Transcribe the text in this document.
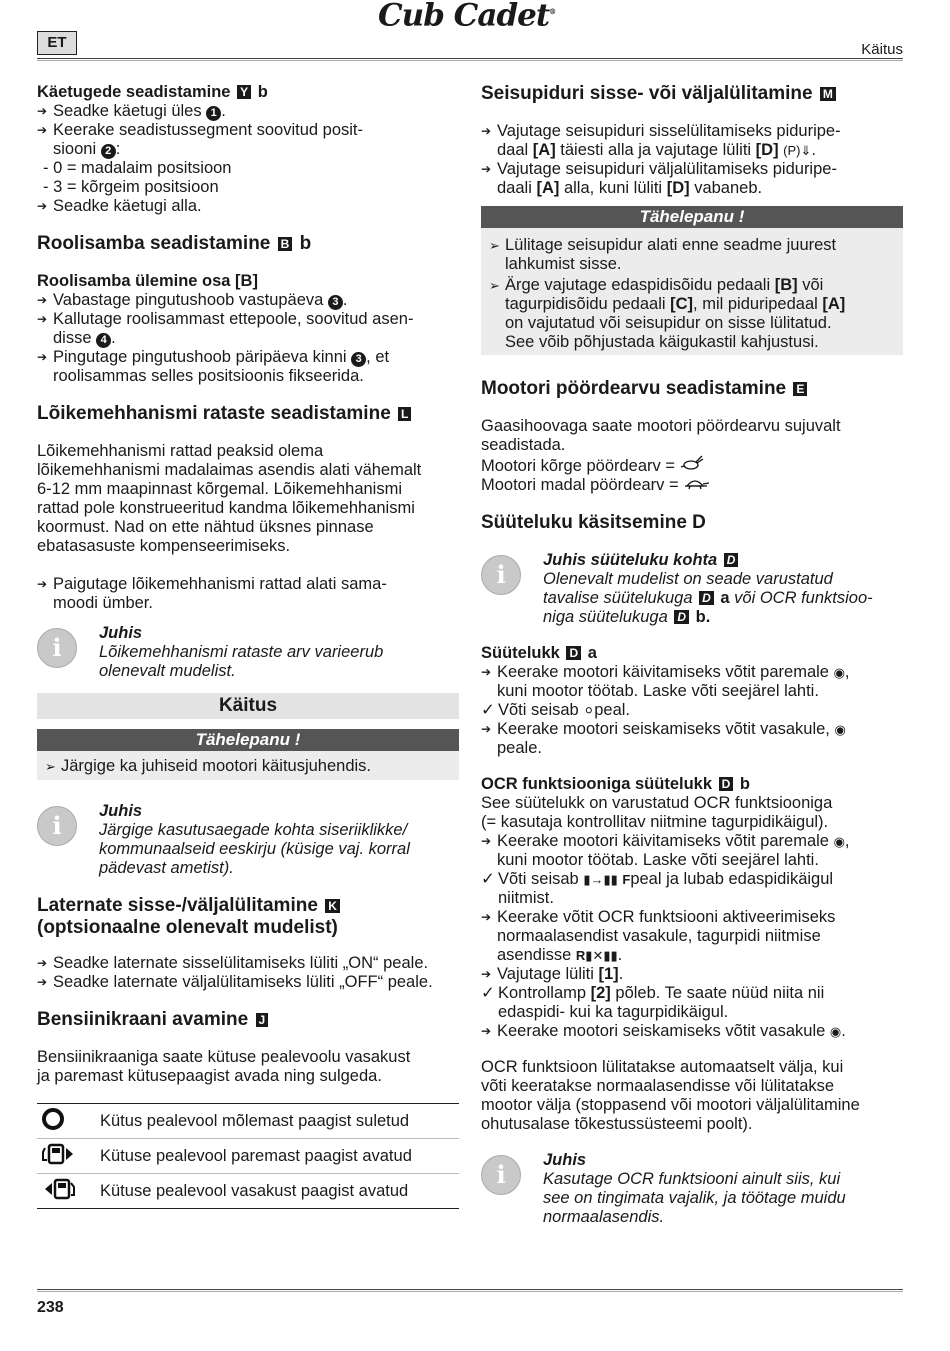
ET
Cub Cadet®
Käitus

Käetugede seadistamine Y b

➔ Seadke käetugi üles 1 .

➔ Keerake seadistussegment soovitud posit-
siooni 2 :

- 0 = madalaim positsioon

- 3 = kõrgeim positsioon

➔ Seadke käetugi alla.

Roolisamba seadistamine B b

Roolisamba ülemine osa [B]

➔ Vabastage pingutushoob vastupäeva 3 .

➔ Kallutage roolisammast ettepoole, soovitud asen-
disse 4 .

➔ Pingutage pingutushoob päripäeva kinni 3 , et
roolisammas selles positsioonis fikseerida.

Lõikemehhanismi rataste seadistamine L

Lõikemehhanismi rattad peaksid olema

lõikemehhanismi madalaimas asendis alati vähemalt

6-12 mm maapinnast kõrgemal. Lõikemehhanismi

rattad pole konstrueeritud kandma lõikemehhanismi

koormust. Nad on ette nähtud üksnes pinnase

ebatasasuste kompenseerimiseks.

➔ Paigutage lõikemehhanismi rattad alati sama-
moodi ümber.

i	Juhis

Lõikemehhanismi rataste arv varieerub

olenevalt mudelist.

Käitus
Tähelepanu !

➢ Järgige ka juhiseid mootori käitusjuhendis.

i	Juhis

Järgige kasutusaegade kohta siseriiklikke/

kommunaalseid eeskirju (küsige vaj. korral

pädevast ametist).

Laternate sisse-/väljalülitamine K

(optsionaalne olenevalt mudelist)

➔ Seadke laternate sisselülitamiseks lüliti „ON“ peale.

➔ Seadke laternate väljalülitamiseks lüliti „OFF“ peale.

Bensiinikraani avamine J

Bensiinikraaniga saate kütuse pealevoolu vasakust

ja paremast kütusepaagist avada ning sulgeda.

Kütus pealevool mõlemast paagist suletud
Kütuse pealevool paremast paagist avatud
Kütuse pealevool vasakust paagist avatud

Seisupiduri sisse- või väljalülitamine M

➔ Vajutage seisupiduri sisselülitamiseks piduripe-
daal [A] täiesti alla ja vajutage lüliti [D] (P)⇓.

➔ Vajutage seisupiduri väljalülitamiseks piduripe-
daali [A] alla, kuni lüliti [D] vabaneb.

Tähelepanu !

➢ Lülitage seisupidur alati enne seadme juurest
lahkumist sisse.

➢ Ärge vajutage edaspidisõidu pedaali [B] või
tagurpidisõidu pedaali [C], mil piduripedaal [A]
on vajutatud või seisupidur on sisse lülitatud.
See võib põhjustada käigukastil kahjustusi.

Mootori pöördearvu seadistamine E

Gaasihoovaga saate mootori pöördearvu sujuvalt

seadistada.

Mootori kõrge pöördearv =

Mootori madal pöördearv =

Süüteluku käsitsemine D

i	Juhis süüteluku kohta D

Olenevalt mudelist on seade varustatud

tavalise süütelukuga D a või OCR funktsioo-

niga süütelukuga D b.

Süütelukk D a

➔ Keerake mootori käivitamiseks võtit paremale ◉,
kuni mootor töötab. Laske võti seejärel lahti.

✓ Võti seisab ⚪peal.

➔ Keerake mootori seiskamiseks võtit vasakule, ◉
peale.

OCR funktsiooniga süütelukk D b

See süütelukk on varustatud OCR funktsiooniga

(= kasutaja kontrollitav niitmine tagurpidikäigul).

➔ Keerake mootori käivitamiseks võtit paremale ◉,
kuni mootor töötab. Laske võti seejärel lahti.

✓ Võti seisab ▮→▮▮ Fpeal ja lubab edaspidikäigul
niitmist.

➔ Keerake võtit OCR funktsiooni aktiveerimiseks
normaalasendist vasakule, tagurpidi niitmise
asendisse R▮✕▮▮.

➔ Vajutage lüliti [1].

✓ Kontrollamp [2] põleb. Te saate nüüd niita nii
edaspidi- kui ka tagurpidikäigul.

➔ Keerake mootori seiskamiseks võtit vasakule ◉.

OCR funktsioon lülitatakse automaatselt välja, kui

võti keeratakse normaalasendisse või lülitatakse

mootor välja (stoppasend või mootori väljalülitamine

ohutusalase tõkestussüsteemi poolt).

i	Juhis

Kasutage OCR funktsiooni ainult siis, kui

see on tingimata vajalik, ja töötage muidu

normaalasendis.

238
